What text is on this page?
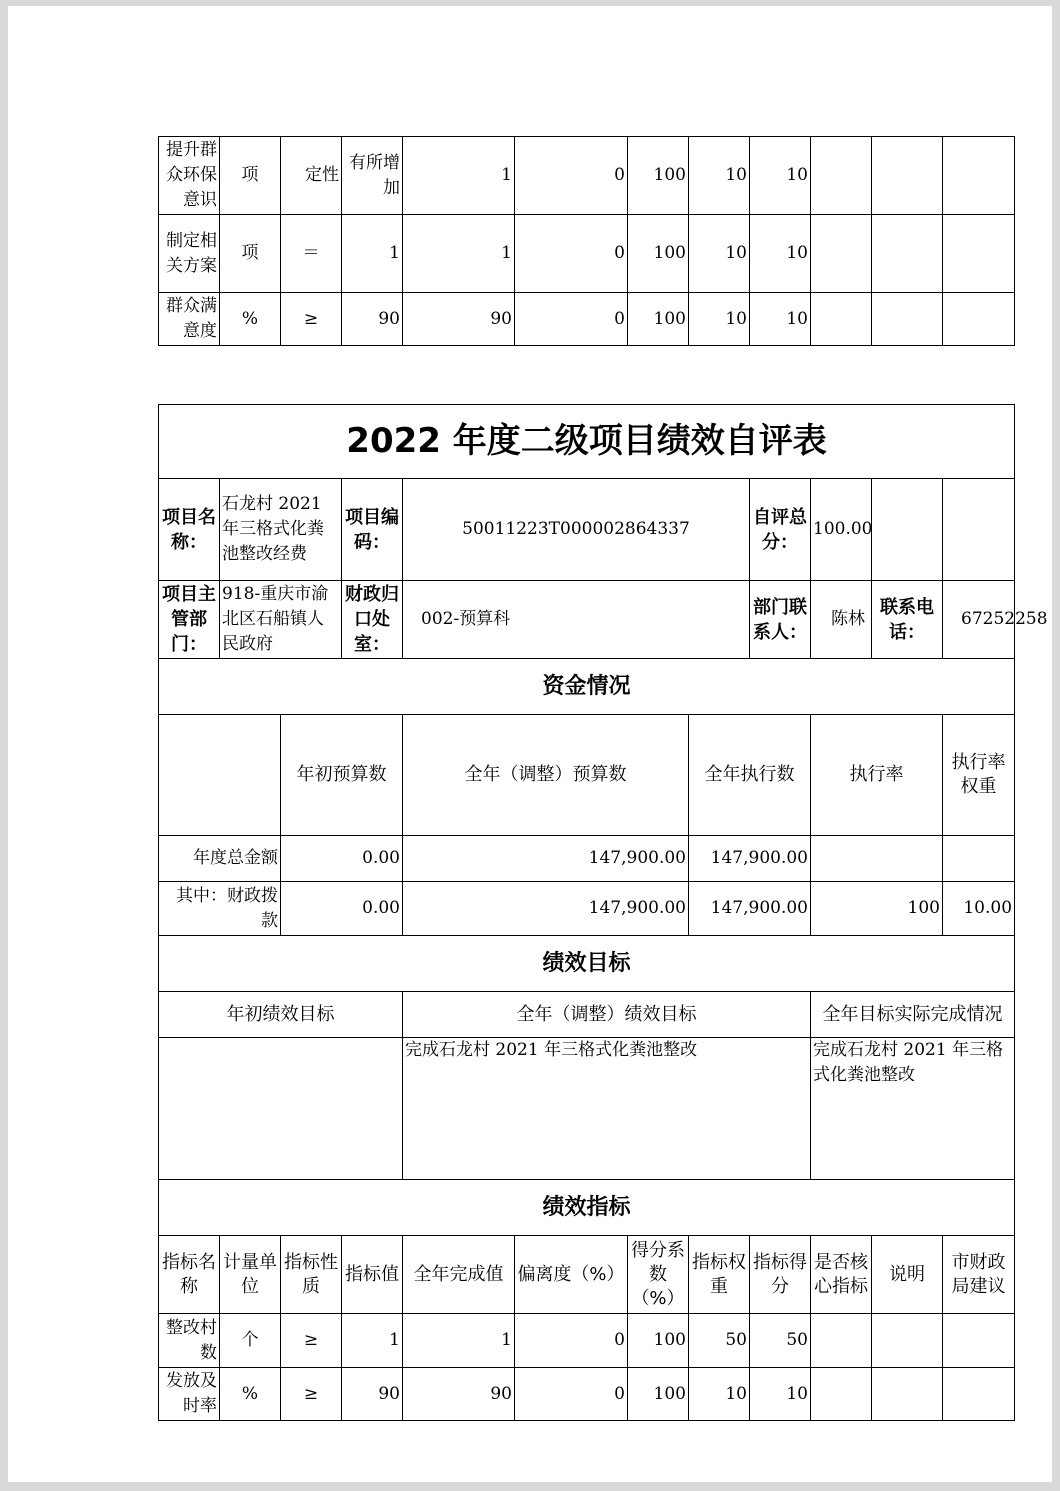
提升群众环保意识	项	定性	有所增加	1	0	100	10	10			
制定相关方案	项	＝	1	1	0	100	10	10			
群众满意度	%	≥	90	90	0	100	10	10			
2022 年度二级项目绩效自评表												
项目名称：	石龙村 2021 年三格式化粪池整改经费		项目编码：	50011223T000002864337				自评总分：	100.00			
项目主管部门：	918-重庆市渝北区石船镇人民政府		财政归口处室：	002-预算科				部门联系人：	陈林	联系电话：	67252258	
资金情况												
		年初预算数		全年（调整）预算数			全年执行数		执行率		执行率权重	
年度总金额		0.00		147,900.00			147,900.00					
其中：财政拨款		0.00		147,900.00			147,900.00		100		10.00	
绩效目标												
年初绩效目标				全年（调整）绩效目标					全年目标实际完成情况			
				完成石龙村 2021 年三格式化粪池整改					完成石龙村 2021 年三格式化粪池整改			
绩效指标												
指标名称	计量单位	指标性质	指标值	全年完成值	偏离度（%）	得分系数（%）	指标权重	指标得分	是否核心指标	说明	市财政局建议	
整改村数	个	≥	1	1	0	100	50	50				
发放及时率	%	≥	90	90	0	100	10	10				
